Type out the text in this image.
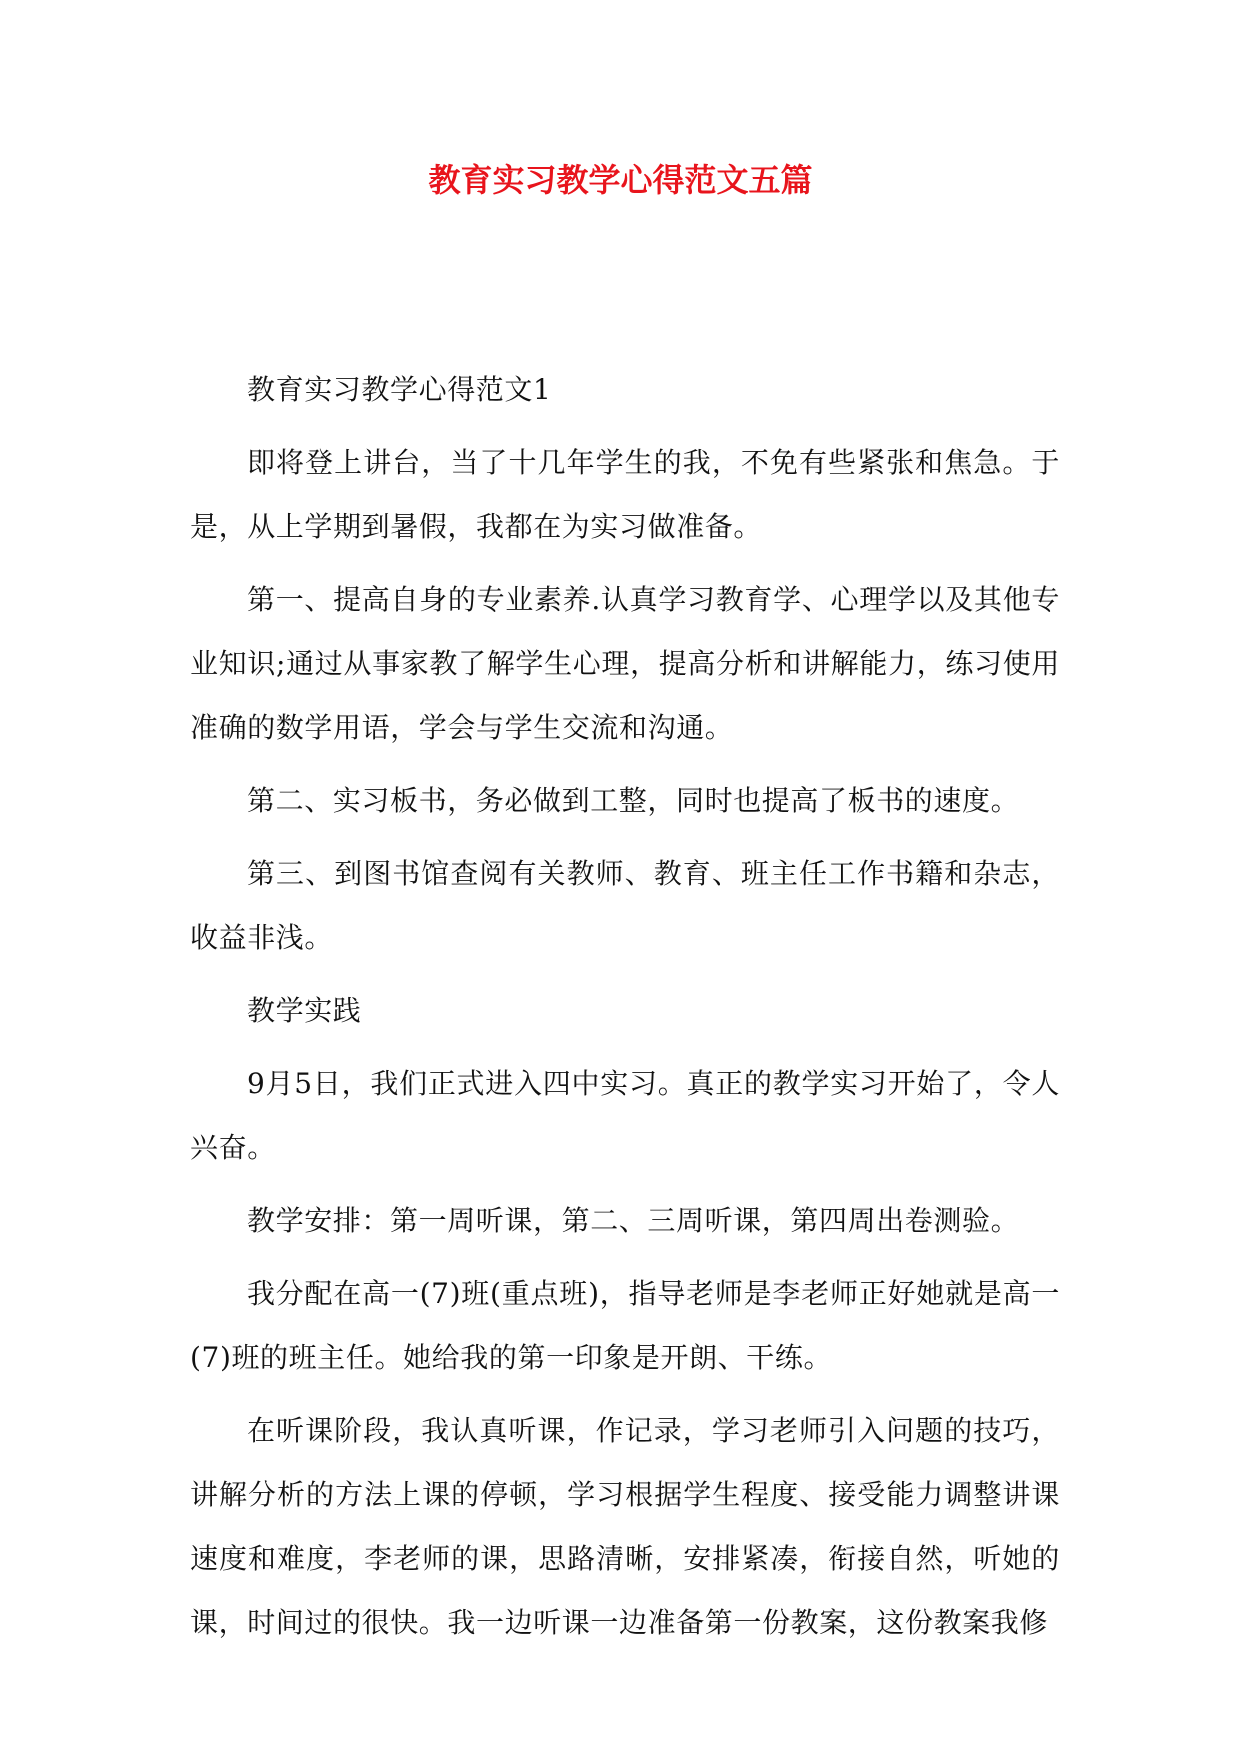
教育实习教学心得范文五篇

教育实习教学心得范文1

即将登上讲台，当了十几年学生的我，不免有些紧张和焦急。于是，从上学期到暑假，我都在为实习做准备。

第一、提高自身的专业素养.认真学习教育学、心理学以及其他专业知识;通过从事家教了解学生心理，提高分析和讲解能力，练习使用准确的数学用语，学会与学生交流和沟通。

第二、实习板书，务必做到工整，同时也提高了板书的速度。

第三、到图书馆查阅有关教师、教育、班主任工作书籍和杂志，收益非浅。

教学实践

9月5日，我们正式进入四中实习。真正的教学实习开始了，令人兴奋。

教学安排：第一周听课，第二、三周听课，第四周出卷测验。

我分配在高一(7)班(重点班)，指导老师是李老师正好她就是高一(7)班的班主任。她给我的第一印象是开朗、干练。

在听课阶段，我认真听课，作记录，学习老师引入问题的技巧，讲解分析的方法上课的停顿，学习根据学生程度、接受能力调整讲课速度和难度，李老师的课，思路清晰，安排紧凑，衔接自然，听她的课，时间过的很快。我一边听课一边准备第一份教案，这份教案我修
